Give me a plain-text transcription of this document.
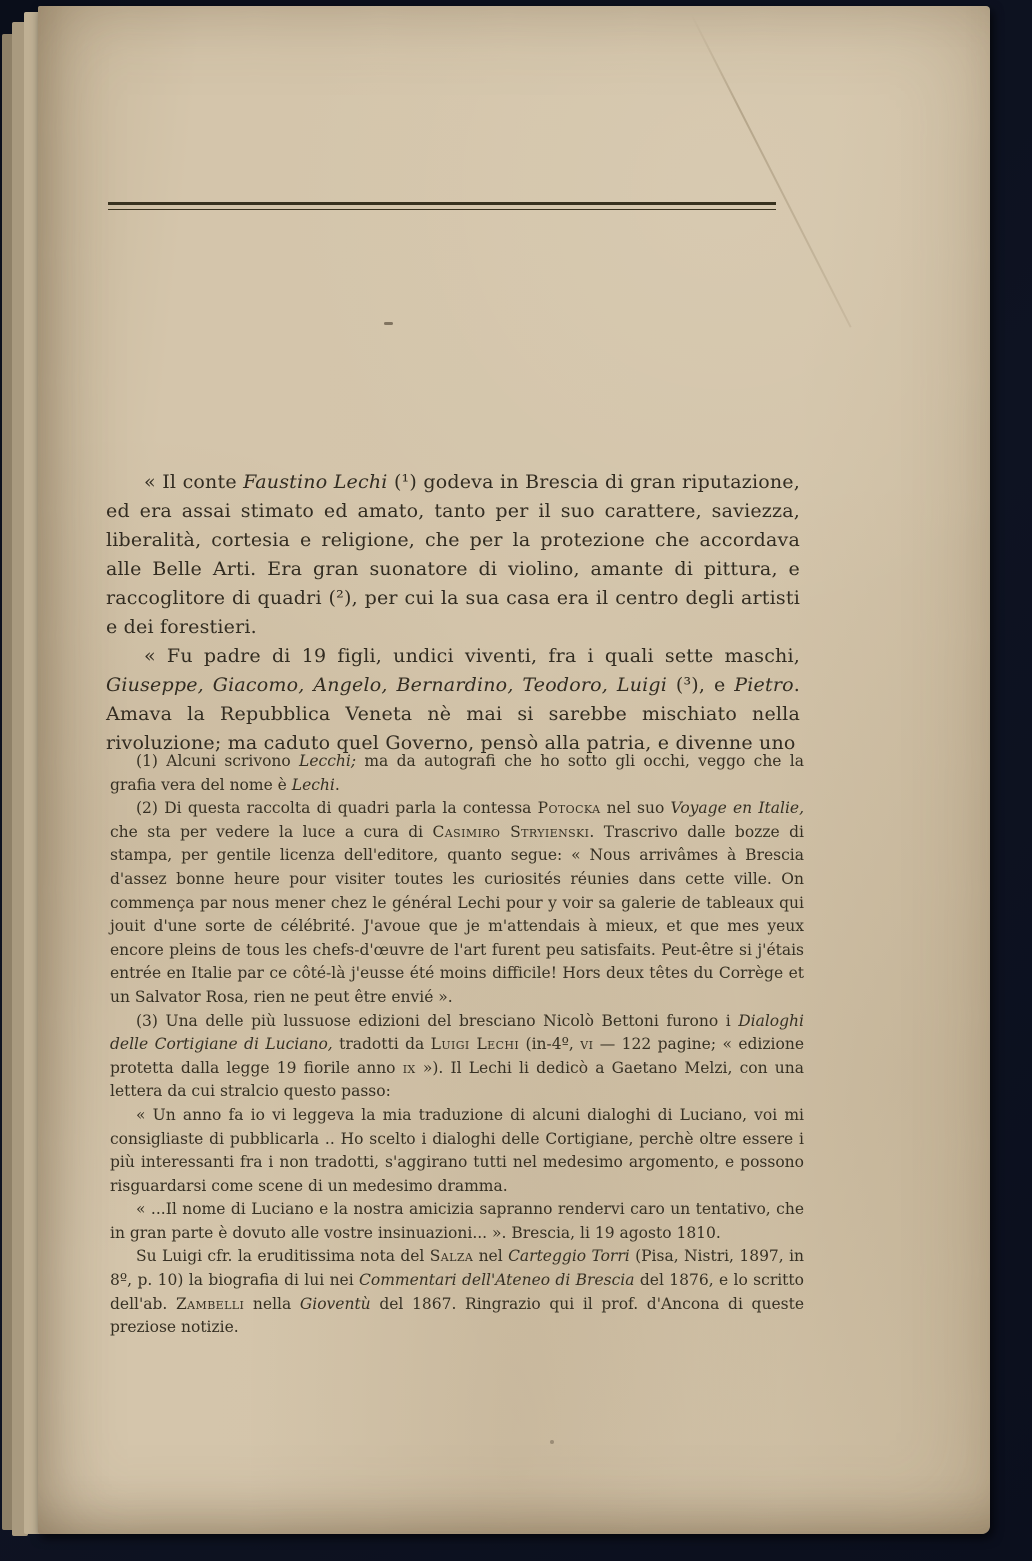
« Il conte Faustino Lechi (¹) godeva in Brescia di gran riputazione, ed era assai stimato ed amato, tanto per il suo carattere, saviezza, liberalità, cortesia e religione, che per la protezione che accordava alle Belle Arti. Era gran suonatore di violino, amante di pittura, e raccoglitore di quadri (²), per cui la sua casa era il centro degli artisti e dei forestieri.

« Fu padre di 19 figli, undici viventi, fra i quali sette maschi, Giuseppe, Giacomo, Angelo, Bernardino, Teodoro, Luigi (³), e Pietro. Amava la Repubblica Veneta nè mai si sarebbe mischiato nella rivoluzione; ma caduto quel Governo, pensò alla patria, e divenne uno

(1) Alcuni scrivono Lecchi; ma da autografi che ho sotto gli occhi, veggo che la grafia vera del nome è Lechi.

(2) Di questa raccolta di quadri parla la contessa Potocka nel suo Voyage en Italie, che sta per vedere la luce a cura di Casimiro Stryienski. Trascrivo dalle bozze di stampa, per gentile licenza dell'editore, quanto segue: « Nous arrivâmes à Brescia d'assez bonne heure pour visiter toutes les curiosités réunies dans cette ville. On commença par nous mener chez le général Lechi pour y voir sa galerie de tableaux qui jouit d'une sorte de célébrité. J'avoue que je m'attendais à mieux, et que mes yeux encore pleins de tous les chefs-d'œuvre de l'art furent peu satisfaits. Peut-être si j'étais entrée en Italie par ce côté-là j'eusse été moins difficile! Hors deux têtes du Corrège et un Salvator Rosa, rien ne peut être envié ».

(3) Una delle più lussuose edizioni del bresciano Nicolò Bettoni furono i Dialoghi delle Cortigiane di Luciano, tradotti da Luigi Lechi (in-4º, vi — 122 pagine; « edizione protetta dalla legge 19 fiorile anno ix »). Il Lechi li dedicò a Gaetano Melzi, con una lettera da cui stralcio questo passo:

« Un anno fa io vi leggeva la mia traduzione di alcuni dialoghi di Luciano, voi mi consigliaste di pubblicarla .. Ho scelto i dialoghi delle Cortigiane, perchè oltre essere i più interessanti fra i non tradotti, s'aggirano tutti nel medesimo argomento, e possono risguardarsi come scene di un medesimo dramma.

« ...Il nome di Luciano e la nostra amicizia sapranno rendervi caro un tentativo, che in gran parte è dovuto alle vostre insinuazioni... ». Brescia, li 19 agosto 1810.

Su Luigi cfr. la eruditissima nota del Salza nel Carteggio Torri (Pisa, Nistri, 1897, in 8º, p. 10) la biografia di lui nei Commentari dell'Ateneo di Brescia del 1876, e lo scritto dell'ab. Zambelli nella Gioventù del 1867. Ringrazio qui il prof. d'Ancona di queste preziose notizie.
